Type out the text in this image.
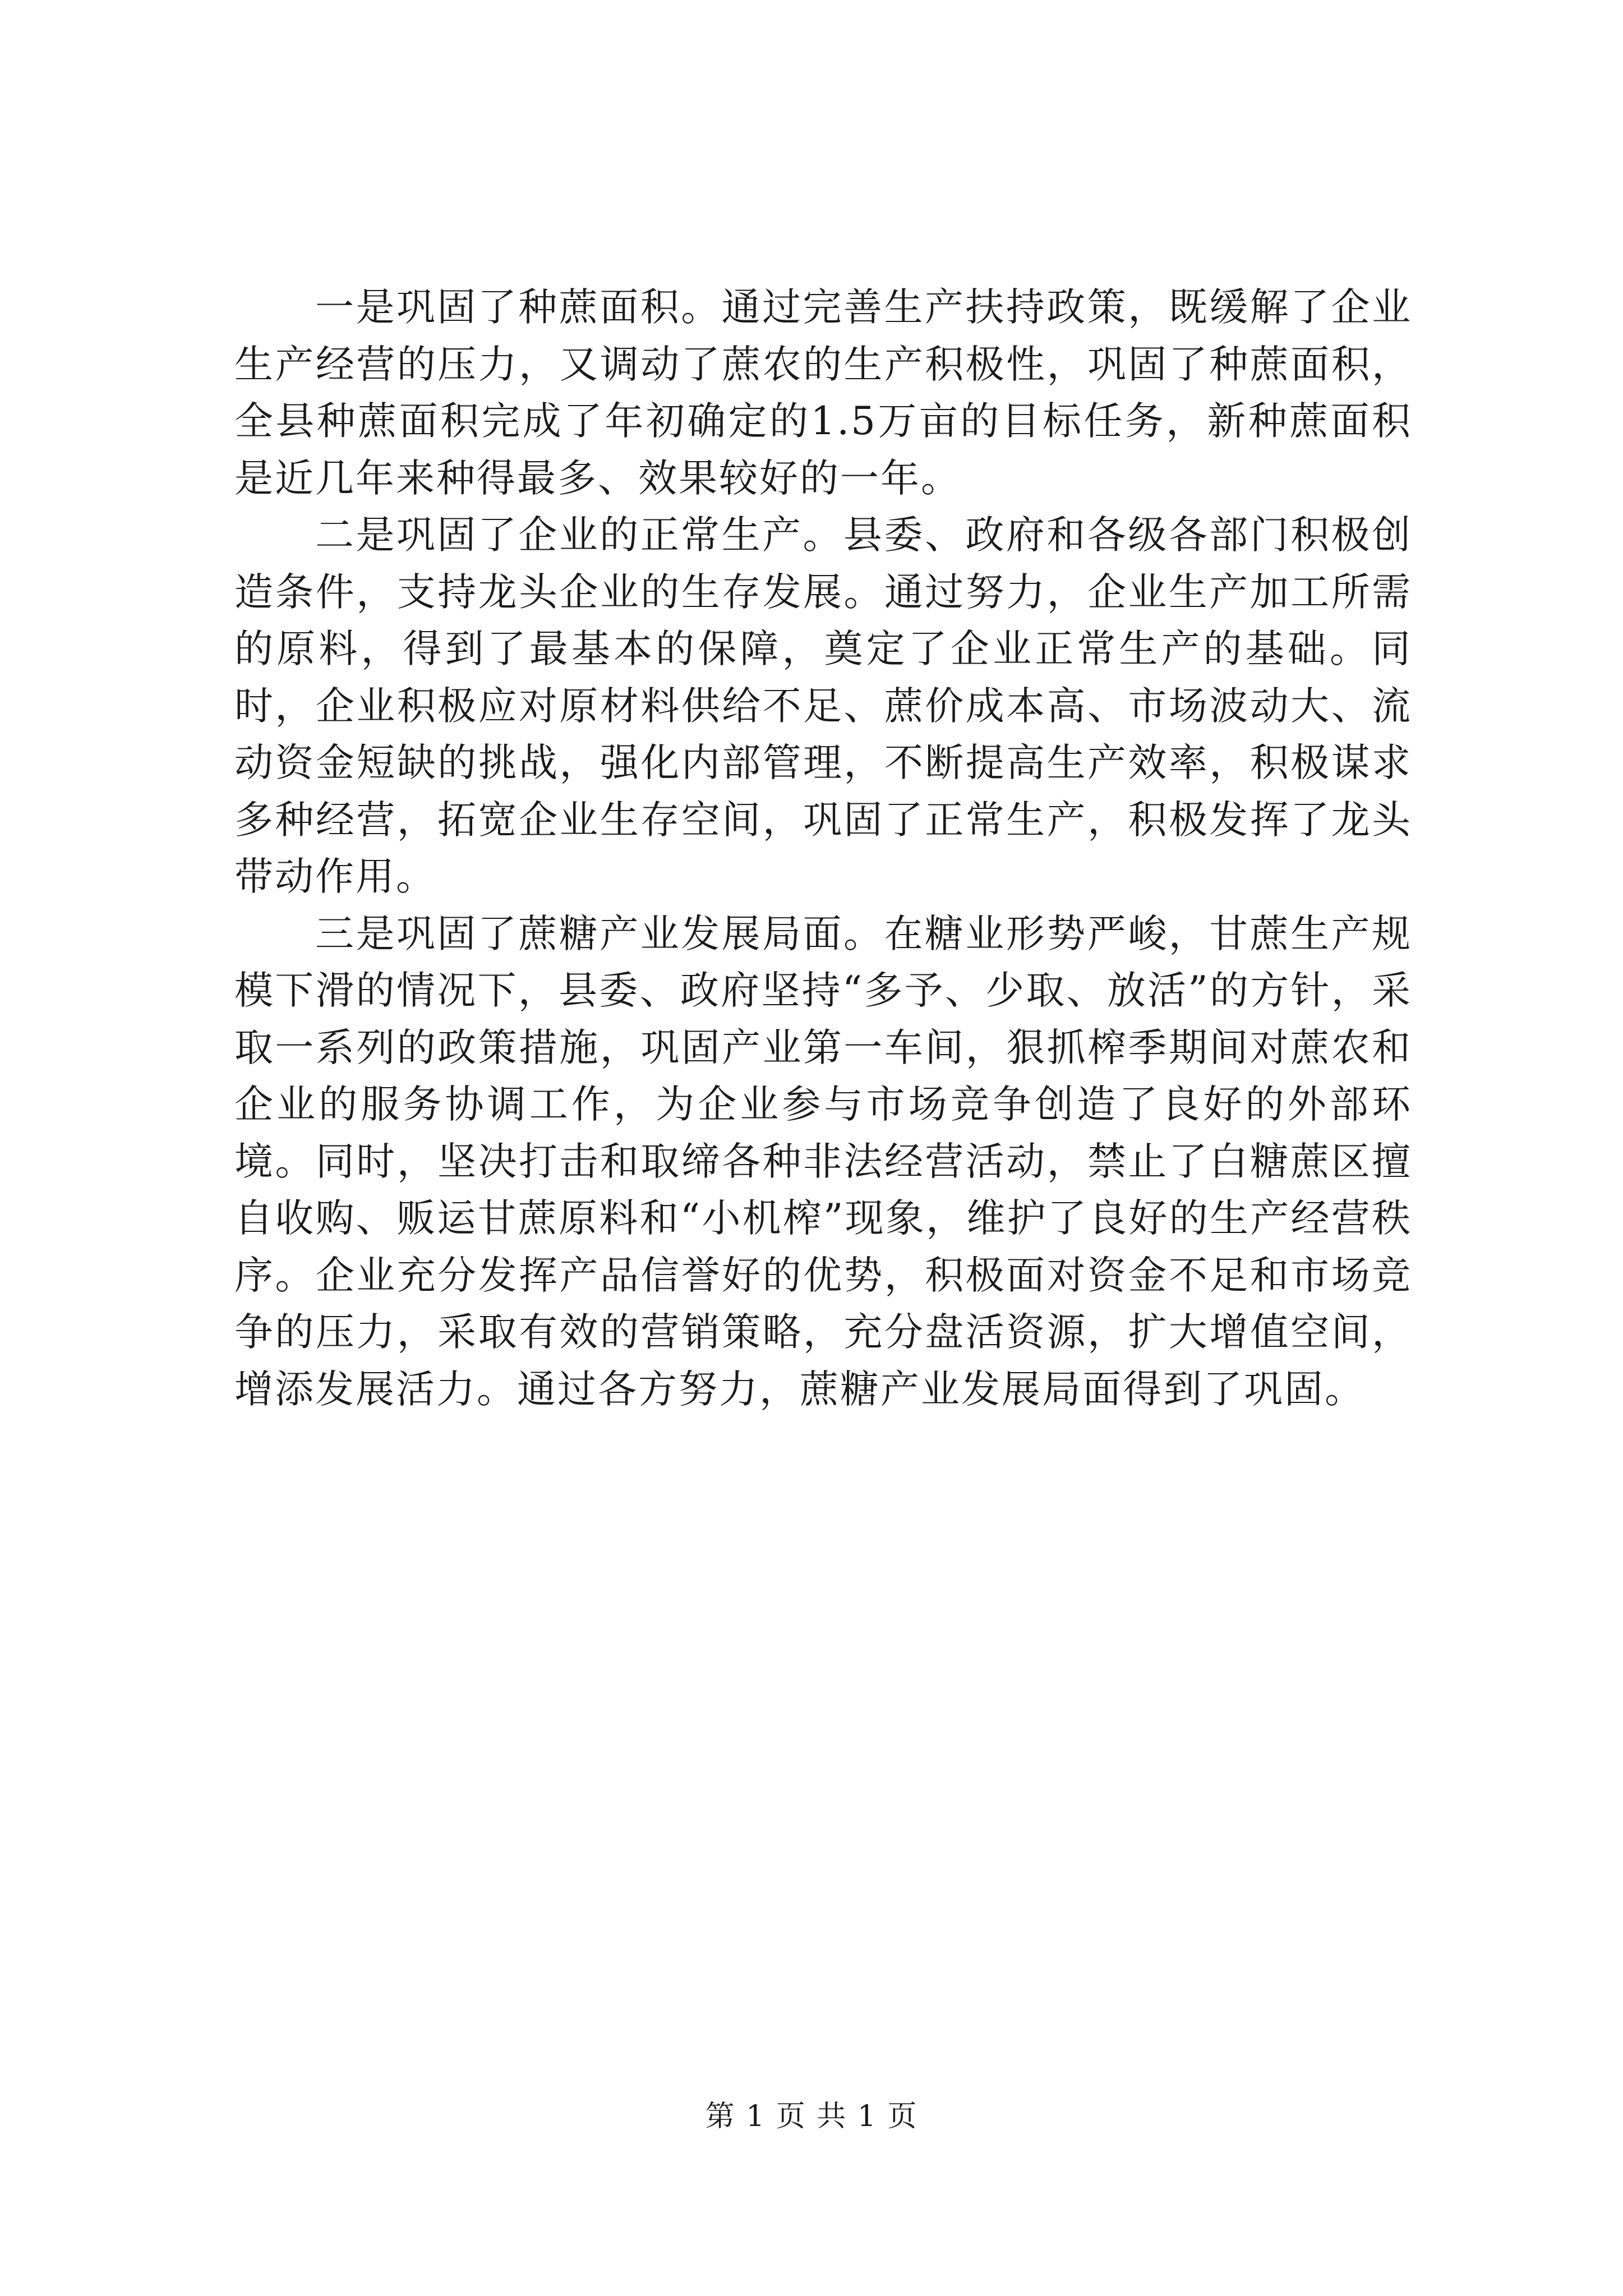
一是巩固了种蔗面积。通过完善生产扶持政策，既缓解了企业生产经营的压力，又调动了蔗农的生产积极性，巩固了种蔗面积，全县种蔗面积完成了年初确定的1.5万亩的目标任务，新种蔗面积是近几年来种得最多、效果较好的一年。

二是巩固了企业的正常生产。县委、政府和各级各部门积极创造条件，支持龙头企业的生存发展。通过努力，企业生产加工所需的原料，得到了最基本的保障，奠定了企业正常生产的基础。同时，企业积极应对原材料供给不足、蔗价成本高、市场波动大、流动资金短缺的挑战，强化内部管理，不断提高生产效率，积极谋求多种经营，拓宽企业生存空间，巩固了正常生产，积极发挥了龙头带动作用。

三是巩固了蔗糖产业发展局面。在糖业形势严峻，甘蔗生产规模下滑的情况下，县委、政府坚持“多予、少取、放活”的方针，采取一系列的政策措施，巩固产业第一车间，狠抓榨季期间对蔗农和企业的服务协调工作，为企业参与市场竞争创造了良好的外部环境。同时，坚决打击和取缔各种非法经营活动，禁止了白糖蔗区擅自收购、贩运甘蔗原料和“小机榨”现象，维护了良好的生产经营秩序。企业充分发挥产品信誉好的优势，积极面对资金不足和市场竞争的压力，采取有效的营销策略，充分盘活资源，扩大增值空间，增添发展活力。通过各方努力，蔗糖产业发展局面得到了巩固。

第 1 页 共 1 页
